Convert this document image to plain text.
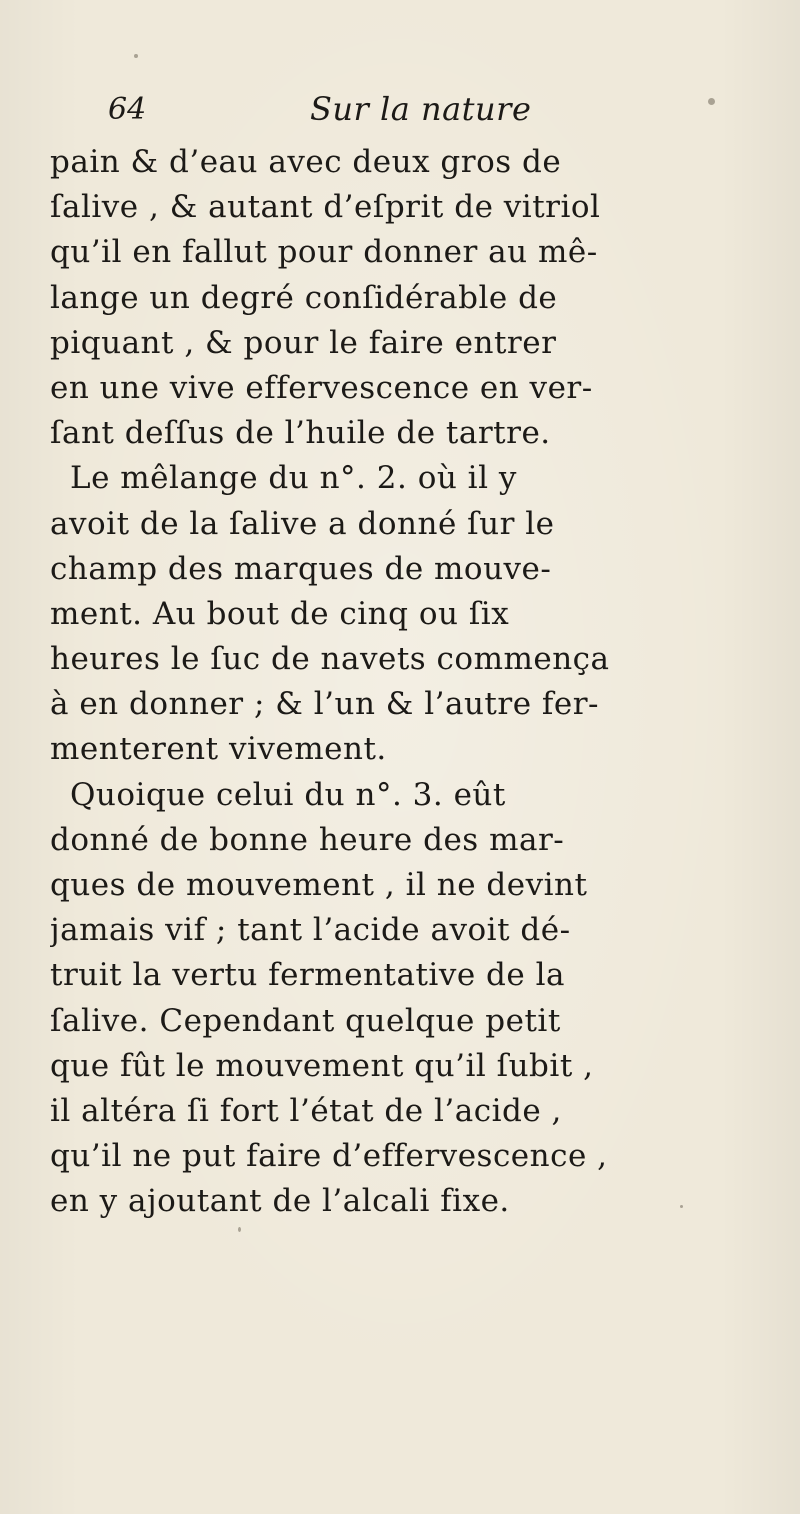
64	Sur la nature
pain & d’eau avec deux gros de
ſalive , & autant d’eſprit de vitriol
qu’il en fallut pour donner au mê-
lange un degré conſidérable de
piquant , & pour le faire entrer
en une vive effervescence en ver-
ſant deſſus de l’huile de tartre.
Le mêlange du n°. 2. où il y
avoit de la ſalive a donné ſur le
champ des marques de mouve-
ment. Au bout de cinq ou ſix
heures le ſuc de navets commença
à en donner ; & l’un & l’autre fer-
menterent vivement.
Quoique celui du n°. 3. eût
donné de bonne heure des mar-
ques de mouvement , il ne devint
jamais vif ; tant l’acide avoit dé-
truit la vertu fermentative de la
ſalive. Cependant quelque petit
que fût le mouvement qu’il ſubit ,
il altéra ſi fort l’état de l’acide ,
qu’il ne put faire d’effervescence ,
en y ajoutant de l’alcali fixe.
